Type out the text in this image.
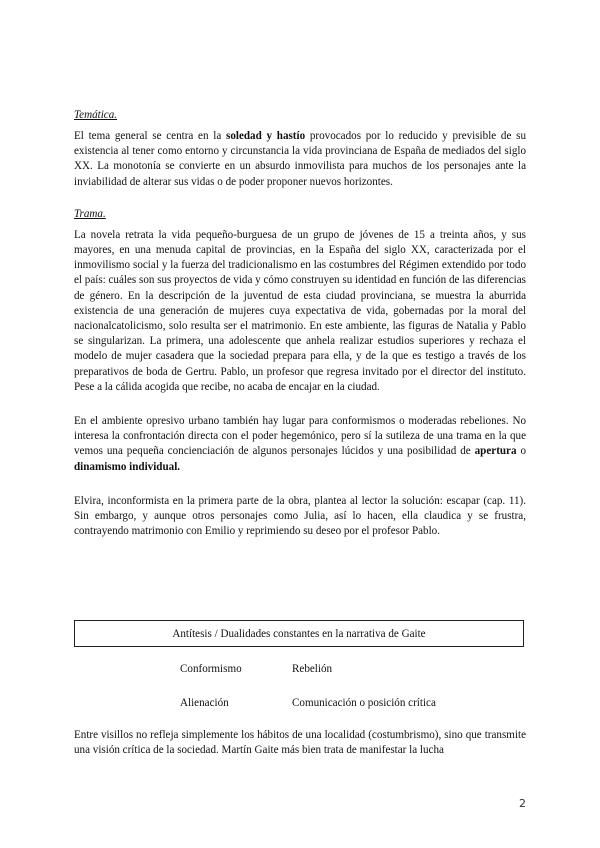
Temática.

El tema general se centra en la soledad y hastío provocados por lo reducido y previsible de su existencia al tener como entorno y circunstancia la vida provinciana de España de mediados del siglo XX. La monotonía se convierte en un absurdo inmovilista para muchos de los personajes ante la inviabilidad de alterar sus vidas o de poder proponer nuevos horizontes.

Trama.

La novela retrata la vida pequeño-burguesa de un grupo de jóvenes de 15 a treinta años, y sus mayores, en una menuda capital de provincias, en la España del siglo XX, caracterizada por el inmovilismo social y la fuerza del tradicionalismo en las costumbres del Régimen extendido por todo el país: cuáles son sus proyectos de vida y cómo construyen su identidad en función de las diferencias de género. En la descripción de la juventud de esta ciudad provinciana, se muestra la aburrida existencia de una generación de mujeres cuya expectativa de vida, gobernadas por la moral del nacionalcatolicismo, solo resulta ser el matrimonio. En este ambiente, las figuras de Natalia y Pablo se singularizan. La primera, una adolescente que anhela realizar estudios superiores y rechaza el modelo de mujer casadera que la sociedad prepara para ella, y de la que es testigo a través de los preparativos de boda de Gertru. Pablo, un profesor que regresa invitado por el director del instituto. Pese a la cálida acogida que recibe, no acaba de encajar en la ciudad.

En el ambiente opresivo urbano también hay lugar para conformismos o moderadas rebeliones. No interesa la confrontación directa con el poder hegemónico, pero sí la sutileza de una trama en la que vemos una pequeña concienciación de algunos personajes lúcidos y una posibilidad de apertura o dinamismo individual.

Elvira, inconformista en la primera parte de la obra, plantea al lector la solución: escapar (cap. 11). Sin embargo, y aunque otros personajes como Julia, así lo hacen, ella claudica y se frustra, contrayendo matrimonio con Emilio y reprimiendo su deseo por el profesor Pablo.

Antítesis / Dualidades constantes en la narrativa de Gaite
Conformismo	Rebelión
Alienación	Comunicación o posición crítica

Entre visillos no refleja simplemente los hábitos de una localidad (costumbrismo), sino que transmite una visión crítica de la sociedad. Martín Gaite más bien trata de manifestar la lucha

2
